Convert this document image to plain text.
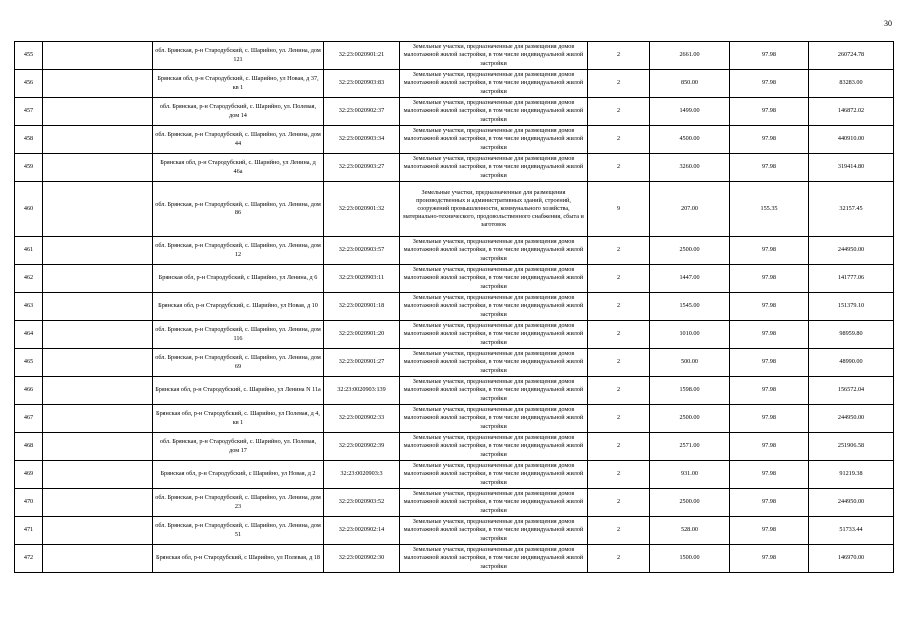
30
455		обл. Брянская, р-н Стародубский, с. Шарийно, ул. Ленина, дом 121	32:23:0020901:21	Земельные участки, предназначенные для размещения домов малоэтажной жилой застройки, в том числе индивидуальной жилой застройки	2	2661.00	97.98	260724.78
456		Брянская обл, р-н Стародубский, с. Шарийно, ул Новая, д 37, кв 1	32:23:0020903:83	Земельные участки, предназначенные для размещения домов малоэтажной жилой застройки, в том числе индивидуальной жилой застройки	2	850.00	97.98	83283.00
457		обл. Брянская, р-н Стародубский, с. Шарийно, ул. Полевая, дом 14	32:23:0020902:37	Земельные участки, предназначенные для размещения домов малоэтажной жилой застройки, в том числе индивидуальной жилой застройки	2	1499.00	97.98	146872.02
458		обл. Брянская, р-н Стародубский, с. Шарийно, ул. Ленина, дом 44	32:23:0020903:34	Земельные участки, предназначенные для размещения домов малоэтажной жилой застройки, в том числе индивидуальной жилой застройки	2	4500.00	97.98	440910.00
459		Брянская обл, р-н Стародубский, с. Шарийно, ул Ленина, д 46а	32:23:0020903:27	Земельные участки, предназначенные для размещения домов малоэтажной жилой застройки, в том числе индивидуальной жилой застройки	2	3260.00	97.98	319414.80
460		обл. Брянская, р-н Стародубский, с. Шарийно, ул. Ленина, дом 86	32:23:0020901:32	Земельные участки, предназначенные для размещения производственных и административных зданий, строений, сооружений промышленности, коммунального хозяйства, материально-технического, продовольственного снабжения, сбыта и заготовок	9	207.00	155.35	32157.45
461		обл. Брянская, р-н Стародубский, с. Шарийно, ул. Ленина, дом 12	32:23:0020903:57	Земельные участки, предназначенные для размещения домов малоэтажной жилой застройки, в том числе индивидуальной жилой застройки	2	2500.00	97.98	244950.00
462		Брянская обл, р-н Стародубский, с Шарийно, ул Ленина, д 6	32:23:0020903:11	Земельные участки, предназначенные для размещения домов малоэтажной жилой застройки, в том числе индивидуальной жилой застройки	2	1447.00	97.98	141777.06
463		Брянская обл, р-н Стародубский, с. Шарийно, ул Новая, д 10	32:23:0020901:18	Земельные участки, предназначенные для размещения домов малоэтажной жилой застройки, в том числе индивидуальной жилой застройки	2	1545.00	97.98	151379.10
464		обл. Брянская, р-н Стародубский, с. Шарийно, ул. Ленина, дом 116	32:23:0020901:20	Земельные участки, предназначенные для размещения домов малоэтажной жилой застройки, в том числе индивидуальной жилой застройки	2	1010.00	97.98	98959.80
465		обл. Брянская, р-н Стародубский, с. Шарийно, ул. Ленина, дом 69	32:23:0020901:27	Земельные участки, предназначенные для размещения домов малоэтажной жилой застройки, в том числе индивидуальной жилой застройки	2	500.00	97.98	48990.00
466		Брянская обл, р-н Стародубский, с. Шарийно, ул Ленина N 11а	32:23:0020903:139	Земельные участки, предназначенные для размещения домов малоэтажной жилой застройки, в том числе индивидуальной жилой застройки	2	1598.00	97.98	156572.04
467		Брянская обл, р-н Стародубский, с. Шарийно, ул Полевая, д 4, кв 1	32:23:0020902:33	Земельные участки, предназначенные для размещения домов малоэтажной жилой застройки, в том числе индивидуальной жилой застройки	2	2500.00	97.98	244950.00
468		обл. Брянская, р-н Стародубский, с. Шарийно, ул. Полевая, дом 17	32:23:0020902:39	Земельные участки, предназначенные для размещения домов малоэтажной жилой застройки, в том числе индивидуальной жилой застройки	2	2571.00	97.98	251906.58
469		Брянская обл, р-н Стародубский, с Шарийно, ул Новая, д 2	32:23:0020903:3	Земельные участки, предназначенные для размещения домов малоэтажной жилой застройки, в том числе индивидуальной жилой застройки	2	931.00	97.98	91219.38
470		обл. Брянская, р-н Стародубский, с. Шарийно, ул. Ленина, дом 23	32:23:0020903:52	Земельные участки, предназначенные для размещения домов малоэтажной жилой застройки, в том числе индивидуальной жилой застройки	2	2500.00	97.98	244950.00
471		обл. Брянская, р-н Стародубский, с. Шарийно, ул. Ленина, дом 51	32:23:0020902:14	Земельные участки, предназначенные для размещения домов малоэтажной жилой застройки, в том числе индивидуальной жилой застройки	2	528.00	97.98	51733.44
472		Брянская обл, р-н Стародубский, с Шарийно, ул Полевая, д 18	32:23:0020902:30	Земельные участки, предназначенные для размещения домов малоэтажной жилой застройки, в том числе индивидуальной жилой застройки	2	1500.00	97.98	146970.00
